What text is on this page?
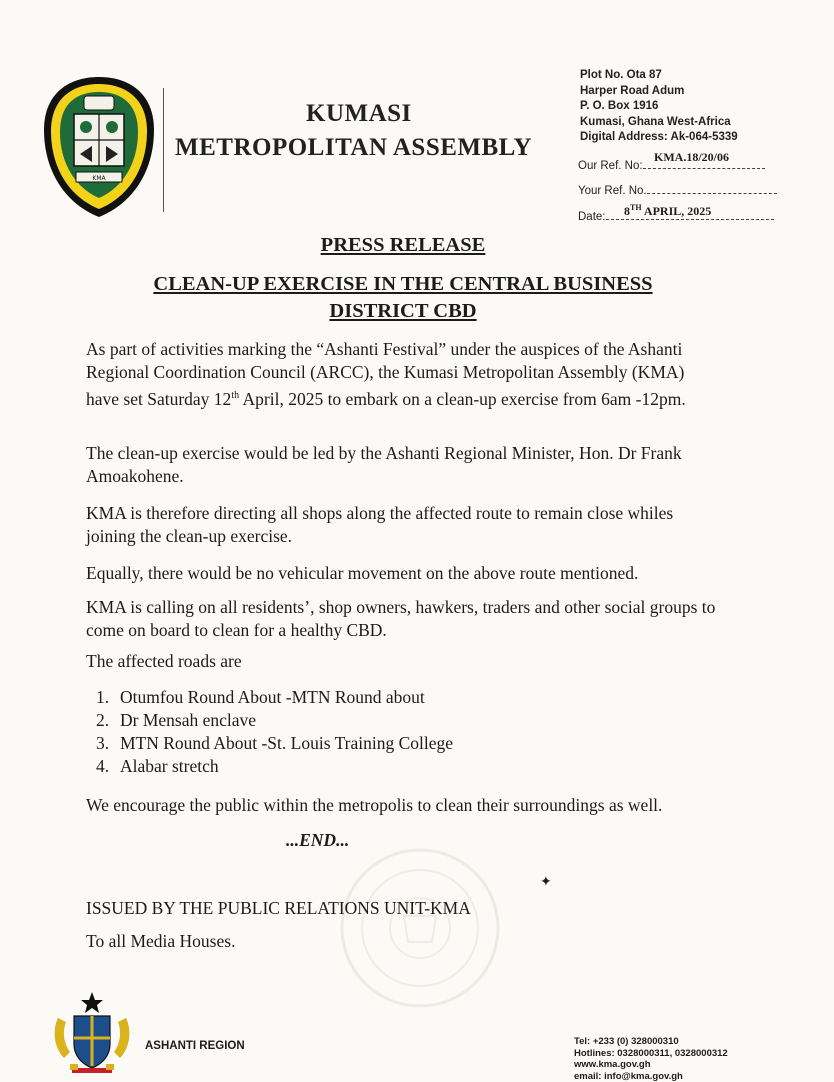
KMA
KUMASI
METROPOLITAN ASSEMBLY
Plot No. Ota 87
Harper Road Adum
P. O. Box 1916
Kumasi, Ghana West-Africa
Digital Address: Ak-064-5339
Our Ref. No:
KMA.18/20/06
Your Ref. No.
Date:	8TH APRIL, 2025
PRESS RELEASE
CLEAN-UP EXERCISE IN THE CENTRAL BUSINESS
DISTRICT CBD
As part of activities marking the “Ashanti Festival” under the auspices of the Ashanti Regional Coordination Council (ARCC), the Kumasi Metropolitan Assembly (KMA) have set Saturday 12th April, 2025 to embark on a clean-up exercise from 6am -12pm.
The clean-up exercise would be led by the Ashanti Regional Minister, Hon. Dr Frank Amoakohene.
KMA is therefore directing all shops along the affected route to remain close whiles joining the clean-up exercise.
Equally, there would be no vehicular movement on the above route mentioned.
KMA is calling on all residents’, shop owners, hawkers, traders and other social groups to come on board to clean for a healthy CBD.
The affected roads are
1. Otumfou Round About -MTN Round about
2. Dr Mensah enclave
3. MTN Round About -St. Louis Training College
4. Alabar stretch
We encourage the public within the metropolis to clean their surroundings as well.
...END...
✦
ISSUED BY THE PUBLIC RELATIONS UNIT-KMA
To all Media Houses.
ASHANTI REGION	Tel: +233 (0) 328000310
Hotlines: 0328000311, 0328000312
www.kma.gov.gh
email: info@kma.gov.gh
